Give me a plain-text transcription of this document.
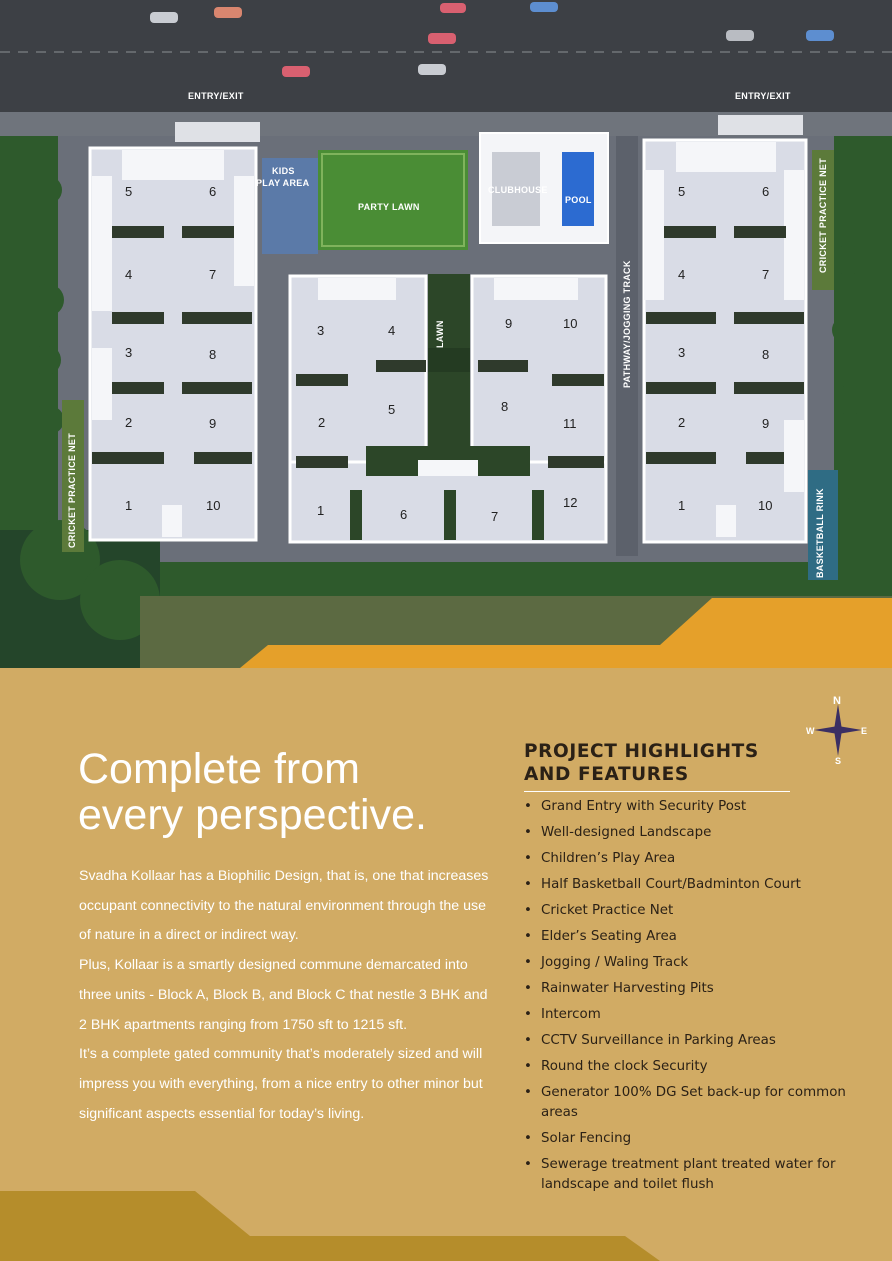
ENTRY/EXIT	ENTRY/EXIT
KIDS
PLAY AREA
PARTY LAWN
CLUBHOUSE
POOL
LAWN	PATHWAY/JOGGING TRACK
CRICKET PRACTICE NET
CRICKET PRACTICE NET
BASKETBALL RINK
5	6
4	7
3	8
2	9
1	10
3	4
2
5
1	6	7
9	10
8
11
12
5	6
4	7
3	8
2	9
1	10
N
S
W	E
Complete from
every perspective.

Svadha Kollaar has a Biophilic Design, that is, one that increases occupant connectivity to the natural environment through the use of nature in a direct or indirect way.

Plus, Kollaar is a smartly designed commune demarcated into three units - Block A, Block B, and Block C that nestle 3 BHK and 2 BHK apartments ranging from 1750 sft to 1215 sft.

It’s a complete gated community that’s moderately sized and will impress you with everything, from a nice entry to other minor but significant aspects essential for today’s living.

PROJECT HIGHLIGHTS
AND FEATURES
• Grand Entry with Security Post
• Well-designed Landscape
• Children’s Play Area
• Half Basketball Court/Badminton Court
• Cricket Practice Net
• Elder’s Seating Area
• Jogging / Waling Track
• Rainwater Harvesting Pits
• Intercom
• CCTV Surveillance in Parking Areas
• Round the clock Security
• Generator 100% DG Set back-up for common areas
• Solar Fencing
• Sewerage treatment plant treated water for landscape and toilet flush
